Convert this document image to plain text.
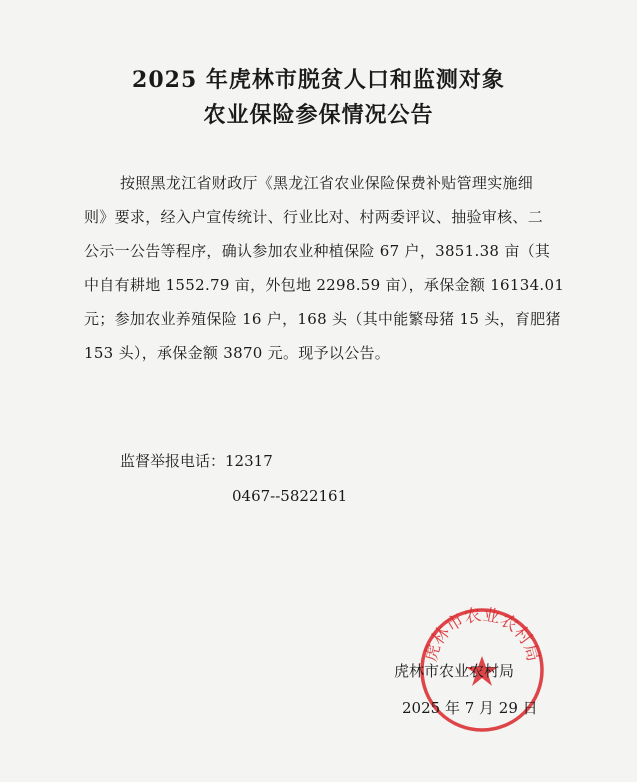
2025 年虎林市脱贫人口和监测对象
农业保险参保情况公告
按照黑龙江省财政厅《黑龙江省农业保险保费补贴管理实施细
则》要求，经入户宣传统计、行业比对、村两委评议、抽验审核、二
公示一公告等程序，确认参加农业种植保险 67 户，3851.38 亩（其
中自有耕地 1552.79 亩，外包地 2298.59 亩），承保金额 16134.01
元；参加农业养殖保险 16 户，168 头（其中能繁母猪 15 头，育肥猪
153 头），承保金额 3870 元。现予以公告。
监督举报电话：12317
0467--5822161
虎林市农业农村局
虎林市农业农村局
2025 年 7 月 29 日
